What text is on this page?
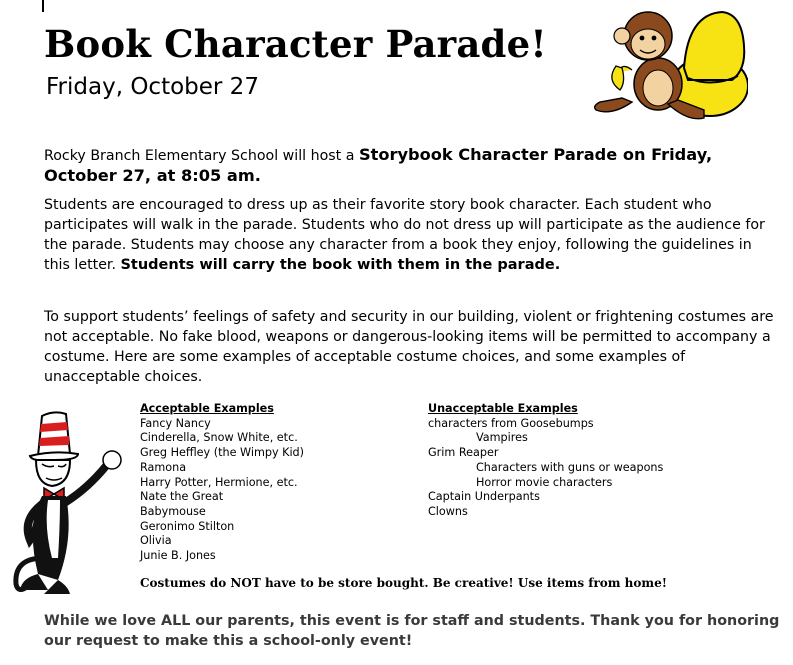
Book Character Parade!
Friday, October 27
Rocky Branch Elementary School will host a Storybook Character Parade on Friday, October 27, at 8:05 am.
Students are encouraged to dress up as their favorite story book character. Each student who participates will walk in the parade. Students who do not dress up will participate as the audience for the parade. Students may choose any character from a book they enjoy, following the guidelines in this letter. Students will carry the book with them in the parade.
To support students’ feelings of safety and security in our building, violent or frightening costumes are not acceptable. No fake blood, weapons or dangerous-looking items will be permitted to accompany a costume. Here are some examples of acceptable costume choices, and some examples of unacceptable choices.
Acceptable Examples
Fancy Nancy
Cinderella, Snow White, etc.
Greg Heffley (the Wimpy Kid)
Ramona
Harry Potter, Hermione, etc.
Nate the Great
Babymouse
Geronimo Stilton
Olivia
Junie B. Jones
Unacceptable Examples
characters from Goosebumps
Vampires
Grim Reaper
Characters with guns or weapons
Horror movie characters
Captain Underpants
Clowns
Costumes do NOT have to be store bought. Be creative! Use items from home!
While we love ALL our parents, this event is for staff and students. Thank you for honoring our request to make this a school-only event!
